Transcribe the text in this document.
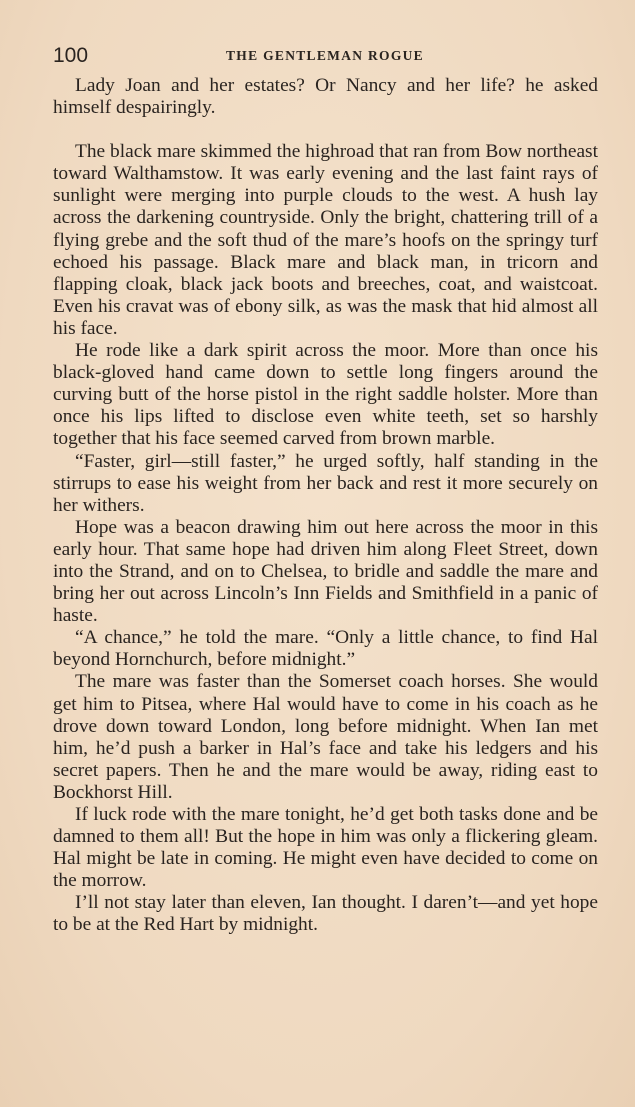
100	THE GENTLEMAN ROGUE

Lady Joan and her estates? Or Nancy and her life? he asked himself despairingly.

The black mare skimmed the highroad that ran from Bow northeast toward Walthamstow. It was early evening and the last faint rays of sunlight were merging into purple clouds to the west. A hush lay across the darkening countryside. Only the bright, chattering trill of a flying grebe and the soft thud of the mare’s hoofs on the springy turf echoed his passage. Black mare and black man, in tricorn and flapping cloak, black jack boots and breeches, coat, and waistcoat. Even his cravat was of ebony silk, as was the mask that hid almost all his face.

He rode like a dark spirit across the moor. More than once his black-gloved hand came down to settle long fingers around the curving butt of the horse pistol in the right saddle holster. More than once his lips lifted to disclose even white teeth, set so harshly together that his face seemed carved from brown marble.

“Faster, girl—still faster,” he urged softly, half standing in the stirrups to ease his weight from her back and rest it more securely on her withers.

Hope was a beacon drawing him out here across the moor in this early hour. That same hope had driven him along Fleet Street, down into the Strand, and on to Chelsea, to bridle and saddle the mare and bring her out across Lincoln’s Inn Fields and Smithfield in a panic of haste.

“A chance,” he told the mare. “Only a little chance, to find Hal beyond Hornchurch, before midnight.”

The mare was faster than the Somerset coach horses. She would get him to Pitsea, where Hal would have to come in his coach as he drove down toward London, long before midnight. When Ian met him, he’d push a barker in Hal’s face and take his ledgers and his secret papers. Then he and the mare would be away, riding east to Bockhorst Hill.

If luck rode with the mare tonight, he’d get both tasks done and be damned to them all! But the hope in him was only a flickering gleam. Hal might be late in coming. He might even have decided to come on the morrow.

I’ll not stay later than eleven, Ian thought. I daren’t—and yet hope to be at the Red Hart by midnight.
